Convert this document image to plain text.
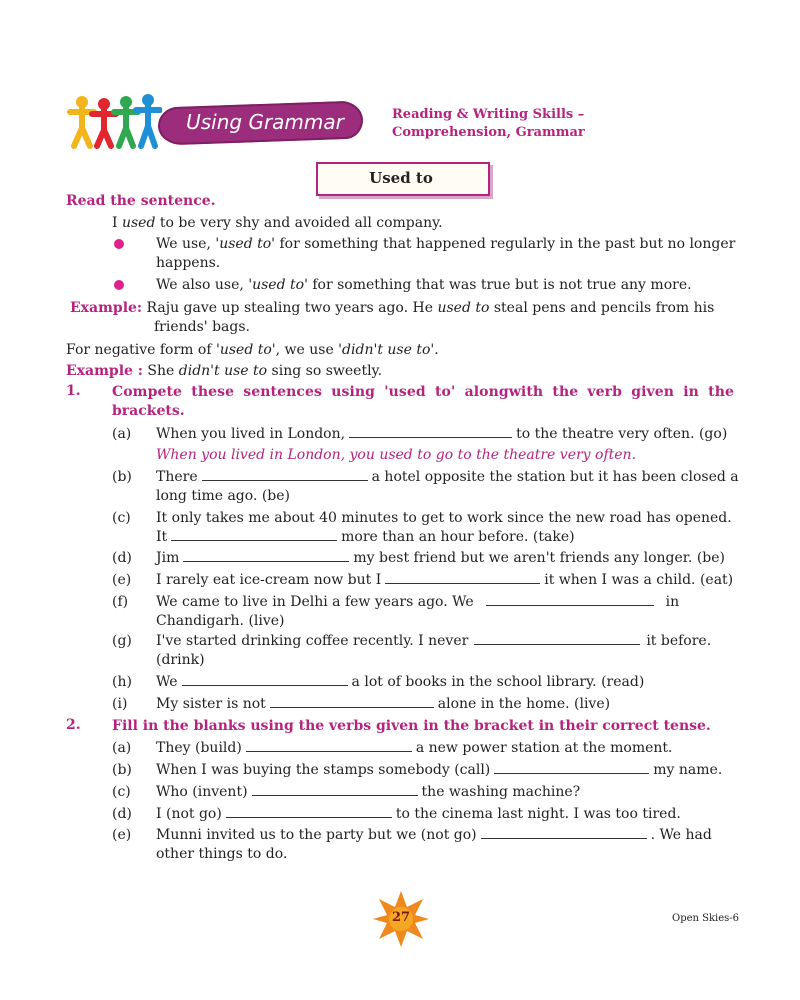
Using Grammar	Reading & Writing Skills –
Comprehension, Grammar
Used to
Read the sentence.
I used to be very shy and avoided all company.
We use, 'used to' for something that happened regularly in the past but no longer
happens.
We also use, 'used to' for something that was true but is not true any more.
Example: Raju gave up stealing two years ago. He used to steal pens and pencils from his
friends' bags.
For negative form of 'used to', we use 'didn't use to'.
Example : She didn't use to sing so sweetly.
1. Compete these sentences using 'used to' alongwith the verb given in the
brackets.
(a) When you lived in London,	to the theatre very often. (go)
When you lived in London, you used to go to the theatre very often.
(b) There	a hotel opposite the station but it has been closed a
long time ago. (be)
(c) It only takes me about 40 minutes to get to work since the new road has opened.
It	more than an hour before. (take)
(d) Jim	my best friend but we aren't friends any longer. (be)
(e) I rarely eat ice-cream now but I	it when I was a child. (eat)
(f) We came to live in Delhi a few years ago. We	in
Chandigarh. (live)
(g) I've started drinking coffee recently. I never	it before.
(drink)
(h) We	a lot of books in the school library. (read)
(i) My sister is not	alone in the home. (live)
2. Fill in the blanks using the verbs given in the bracket in their correct tense.
(a) They (build)	a new power station at the moment.
(b) When I was buying the stamps somebody (call)	my name.
(c) Who (invent)	the washing machine?
(d) I (not go)	to the cinema last night. I was too tired.
(e) Munni invited us to the party but we (not go)	. We had
other things to do.
27	Open Skies-6
